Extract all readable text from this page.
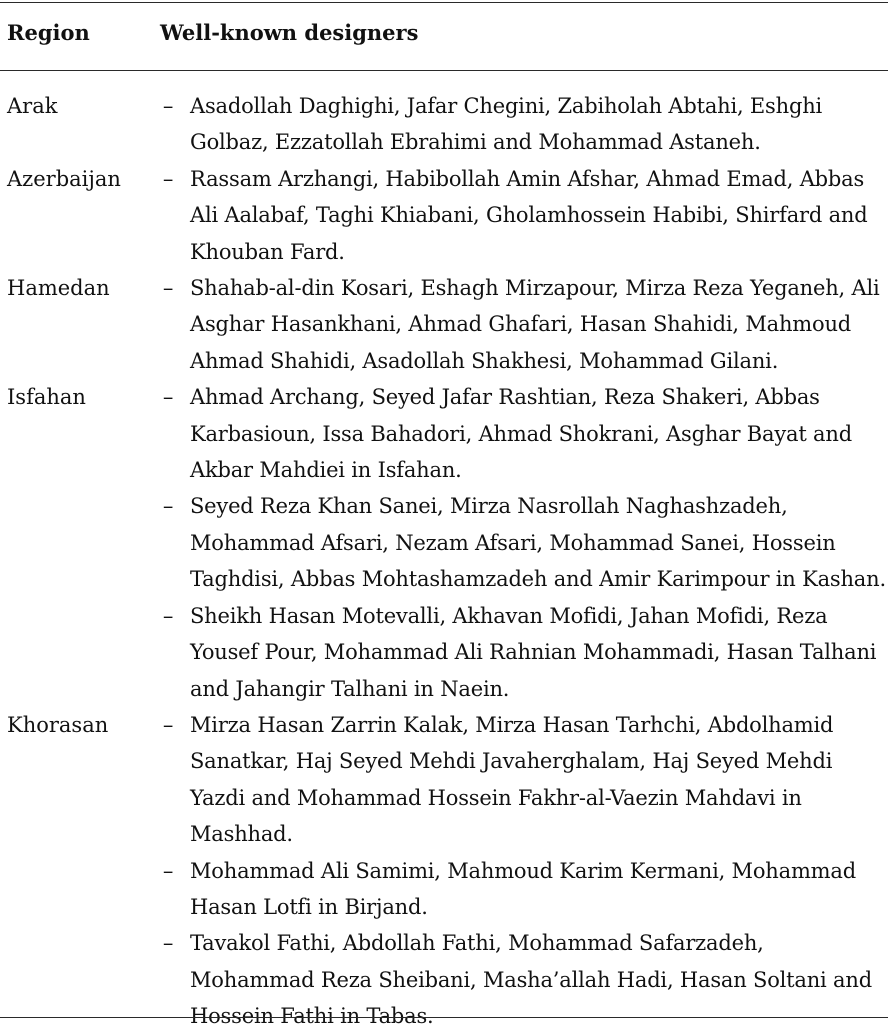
Region	Well-known designers
Arak	– Asadollah Daghighi, Jafar Chegini, Zabiholah Abtahi, Eshghi Golbaz, Ezzatollah Ebrahimi and Mohammad Astaneh.
Azerbaijan – Rassam Arzhangi, Habibollah Amin Afshar, Ahmad Emad, Abbas Ali Aalabaf, Taghi Khiabani, Gholamhossein Habibi, Shirfard and Khouban Fard.
Hamedan	– Shahab-al-din Kosari, Eshagh Mirzapour, Mirza Reza Yeganeh, Ali Asghar Hasankhani, Ahmad Ghafari, Hasan Shahidi, Mahmoud Ahmad Shahidi, Asadollah Shakhesi, Mohammad Gilani.
Isfahan	– Ahmad Archang, Seyed Jafar Rashtian, Reza Shakeri, Abbas Karbasioun, Issa Bahadori, Ahmad Shokrani, Asghar Bayat and Akbar Mahdiei in Isfahan.
– Seyed Reza Khan Sanei, Mirza Nasrollah Naghashzadeh, Mohammad Afsari, Nezam Afsari, Mohammad Sanei, Hossein Taghdisi, Abbas Mohtashamzadeh and Amir Karimpour in Kashan.
– Sheikh Hasan Motevalli, Akhavan Mofidi, Jahan Mofidi, Reza Yousef Pour, Mohammad Ali Rahnian Mohammadi, Hasan Talhani and Jahangir Talhani in Naein.
Khorasan	– Mirza Hasan Zarrin Kalak, Mirza Hasan Tarhchi, Abdolhamid Sanatkar, Haj Seyed Mehdi Javaherghalam, Haj Seyed Mehdi Yazdi and Mohammad Hossein Fakhr-al-Vaezin Mahdavi in Mashhad.
– Mohammad Ali Samimi, Mahmoud Karim Kermani, Mohammad Hasan Lotfi in Birjand.
– Tavakol Fathi, Abdollah Fathi, Mohammad Safarzadeh, Mohammad Reza Sheibani, Masha’allah Hadi, Hasan Soltani and Hossein Fathi in Tabas.
